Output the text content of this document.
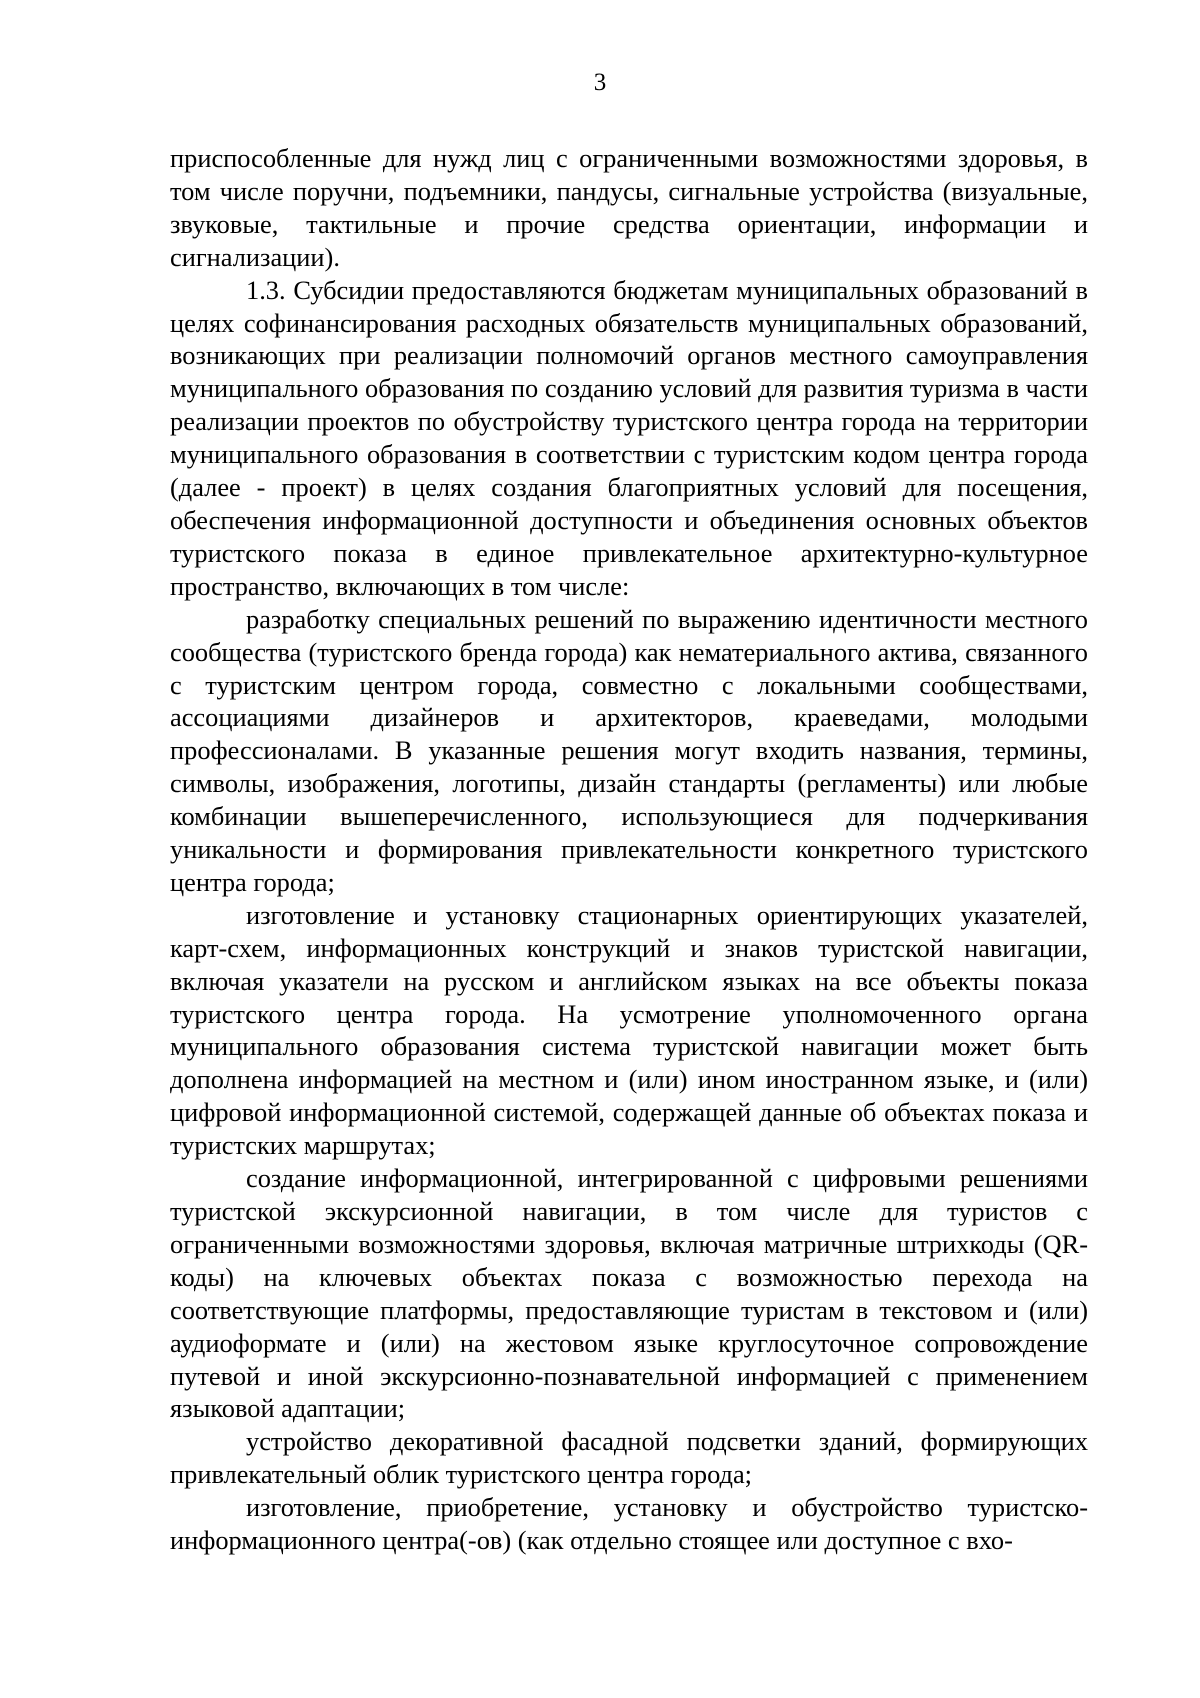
3

приспособленные для нужд лиц с ограниченными возможностями здоровья, в том числе поручни, подъемники, пандусы, сигнальные устройства (визуальные, звуковые, тактильные и прочие средства ориентации, информации и сигнализации).

1.3. Субсидии предоставляются бюджетам муниципальных образований в целях софинансирования расходных обязательств муниципальных образований, возникающих при реализации полномочий органов местного самоуправления муниципального образования по созданию условий для развития туризма в части реализации проектов по обустройству туристского центра города на территории муниципального образования в соответствии с туристским кодом центра города (далее - проект) в целях создания благоприятных условий для посещения, обеспечения информационной доступности и объединения основных объектов туристского показа в единое привлекательное архитектурно-культурное пространство, включающих в том числе:

разработку специальных решений по выражению идентичности местного сообщества (туристского бренда города) как нематериального актива, связанного с туристским центром города, совместно с локальными сообществами, ассоциациями дизайнеров и архитекторов, краеведами, молодыми профессионалами. В указанные решения могут входить названия, термины, символы, изображения, логотипы, дизайн стандарты (регламенты) или любые комбинации вышеперечисленного, использующиеся для подчеркивания уникальности и формирования привлекательности конкретного туристского центра города;

изготовление и установку стационарных ориентирующих указателей, карт-схем, информационных конструкций и знаков туристской навигации, включая указатели на русском и английском языках на все объекты показа туристского центра города. На усмотрение уполномоченного органа муниципального образования система туристской навигации может быть дополнена информацией на местном и (или) ином иностранном языке, и (или) цифровой информационной системой, содержащей данные об объектах показа и туристских маршрутах;

создание информационной, интегрированной с цифровыми решениями туристской экскурсионной навигации, в том числе для туристов с ограниченными возможностями здоровья, включая матричные штрихкоды (QR-коды) на ключевых объектах показа с возможностью перехода на соответствующие платформы, предоставляющие туристам в текстовом и (или) аудиоформате и (или) на жестовом языке круглосуточное сопровождение путевой и иной экскурсионно-познавательной информацией с применением языковой адаптации;

устройство декоративной фасадной подсветки зданий, формирующих привлекательный облик туристского центра города;

изготовление, приобретение, установку и обустройство туристско-информационного центра(-ов) (как отдельно стоящее или доступное с вхо-
